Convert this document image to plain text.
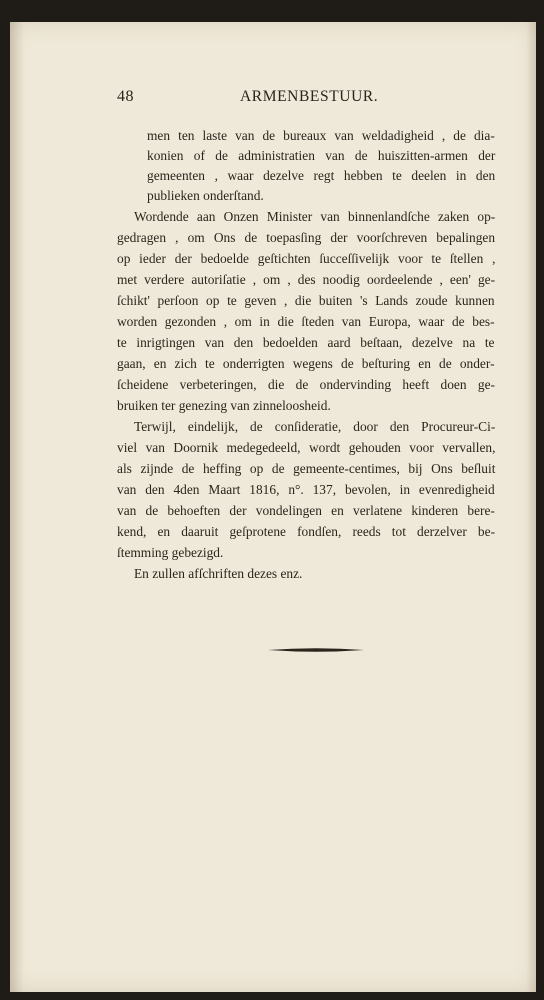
48	ARMENBESTUUR.
men ten laste van de bureaux van weldadigheid , de dia-
konien of de administratien van de huiszitten-armen der
gemeenten , waar dezelve regt hebben te deelen in den
publieken onderſtand.
Wordende aan Onzen Minister van binnenlandſche zaken op-
gedragen , om Ons de toepasſing der voorſchreven bepalingen
op ieder der bedoelde geſtichten ſucceſſivelijk voor te ſtellen ,
met verdere autoriſatie , om , des noodig oordeelende , een' ge-
ſchikt' perſoon op te geven , die buiten 's Lands zoude kunnen
worden gezonden , om in die ſteden van Europa, waar de bes-
te inrigtingen van den bedoelden aard beſtaan, dezelve na te
gaan, en zich te onderrigten wegens de beſturing en de onder-
ſcheidene verbeteringen, die de ondervinding heeft doen ge-
bruiken ter genezing van zinneloosheid.
Terwijl, eindelijk, de conſideratie, door den Procureur-Ci-
viel van Doornik medegedeeld, wordt gehouden voor vervallen,
als zijnde de heffing op de gemeente-centimes, bij Ons beſluit
van den 4den Maart 1816, n°. 137, bevolen, in evenredigheid
van de behoeften der vondelingen en verlatene kinderen bere-
kend, en daaruit geſprotene fondſen, reeds tot derzelver be-
ſtemming gebezigd.
En zullen afſchriften dezes enz.
